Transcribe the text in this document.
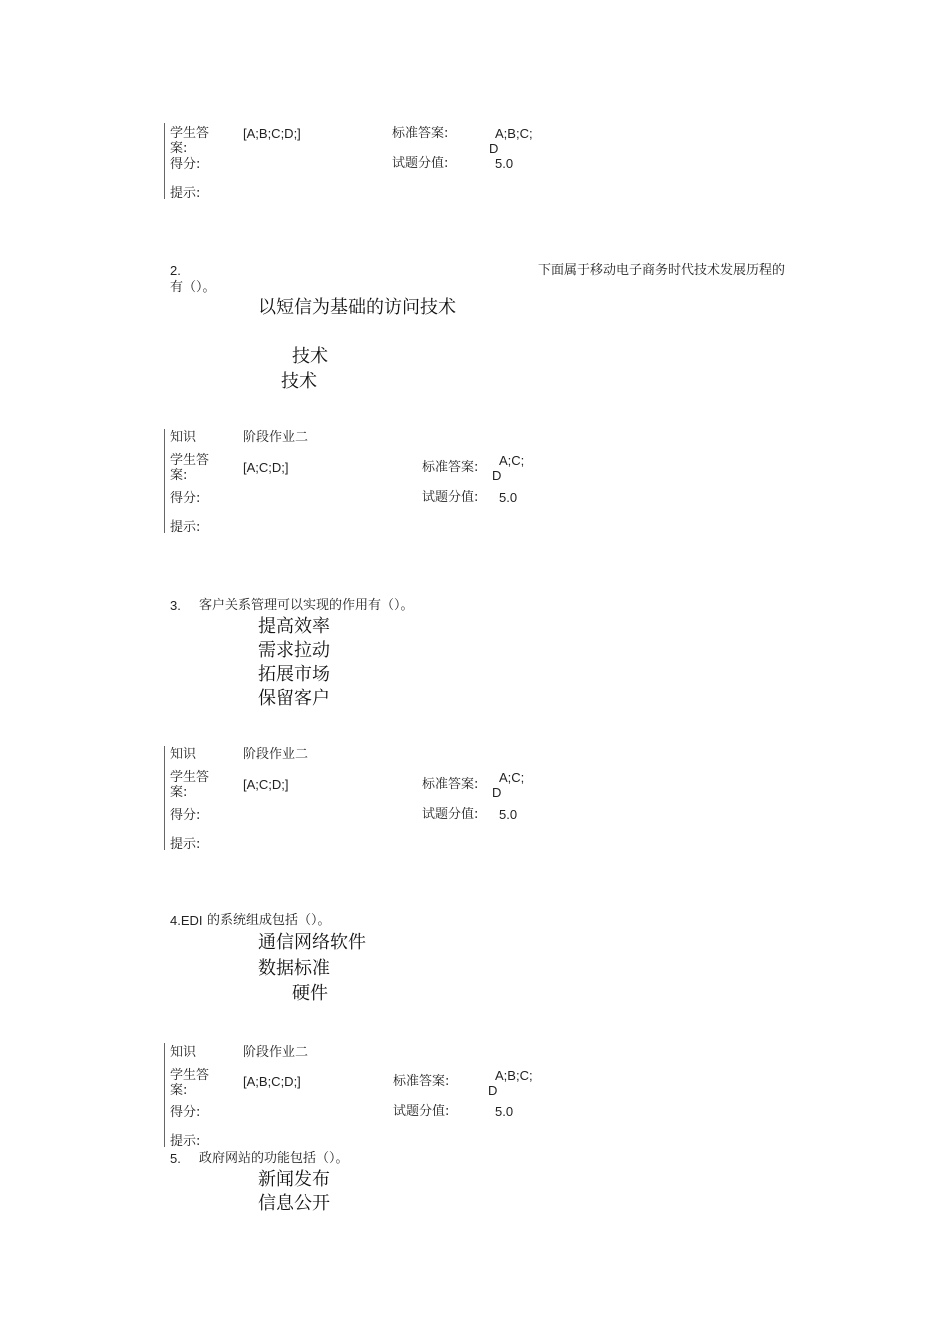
学生答
案:
[A;B;C;D;]	标准答案:	A;B;C;
D
得分:	试题分值:	5.0
提示:
2.	下面属于移动电子商务时代技术发展历程的
有（）。
以短信为基础的访问技术
技术
技术
知识	阶段作业二
学生答
案:
[A;C;D;]	标准答案:	A;C;
D
得分:	试题分值: 5.0
提示:
3. 客户关系管理可以实现的作用有（）。
提高效率
需求拉动
拓展市场
保留客户
知识	阶段作业二
学生答
案:
[A;C;D;]	标准答案:	A;C;
D
得分:	试题分值: 5.0
提示:
4.EDI 的系统组成包括（）。
通信网络软件
数据标准
硬件
知识	阶段作业二
学生答
案:
[A;B;C;D;]	标准答案:	A;B;C;
D
得分:	试题分值:	5.0
提示:
5. 政府网站的功能包括（）。
新闻发布
信息公开
